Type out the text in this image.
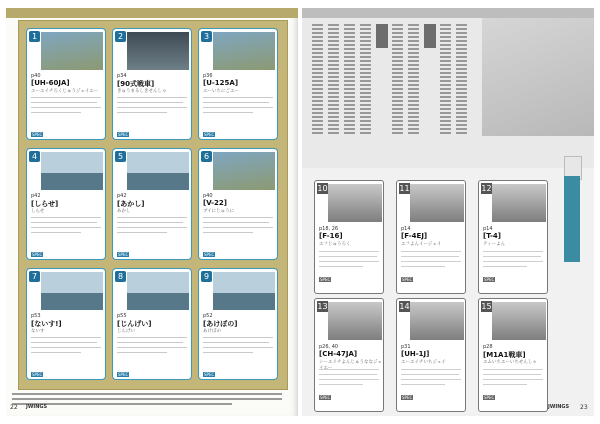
1
p40
[UH-60JA]
ユーエイチろくじゅうジェイエー
SPEC
2
p34
[90式戦車]
きゅうまるしきせんしゃ
SPEC
3
p36
[U-125A]
ユーいちにごエー
SPEC
4
p42
[しらせ]
しらせ
SPEC
5
p42
[あかし]
あかし
SPEC
6
p40
[V-22]
ブイにじゅうに
SPEC
7
p53
[ないす!]
ないす
SPEC
8
p55
[じんげい]
じんげい
SPEC
9
p52
[あけぼの]
あけぼの
SPEC
22 JWINGS
10
p18, 26
[F-16]
エフじゅうろく
SPEC
11
p14
[F-4EJ]
エフよんイージェイ
SPEC
12
p14
[T-4]
ティーよん
SPEC
13
p26, 40
[CH-47JA]
シーエイチよんじゅうななジェ
SPEC
14
p31
[UH-1J]
ユーエイチいちジェイ
SPEC
15
p28
[M1A1戦車]
エムいちエーいちせんしゃ
SPEC
JWINGS 23
